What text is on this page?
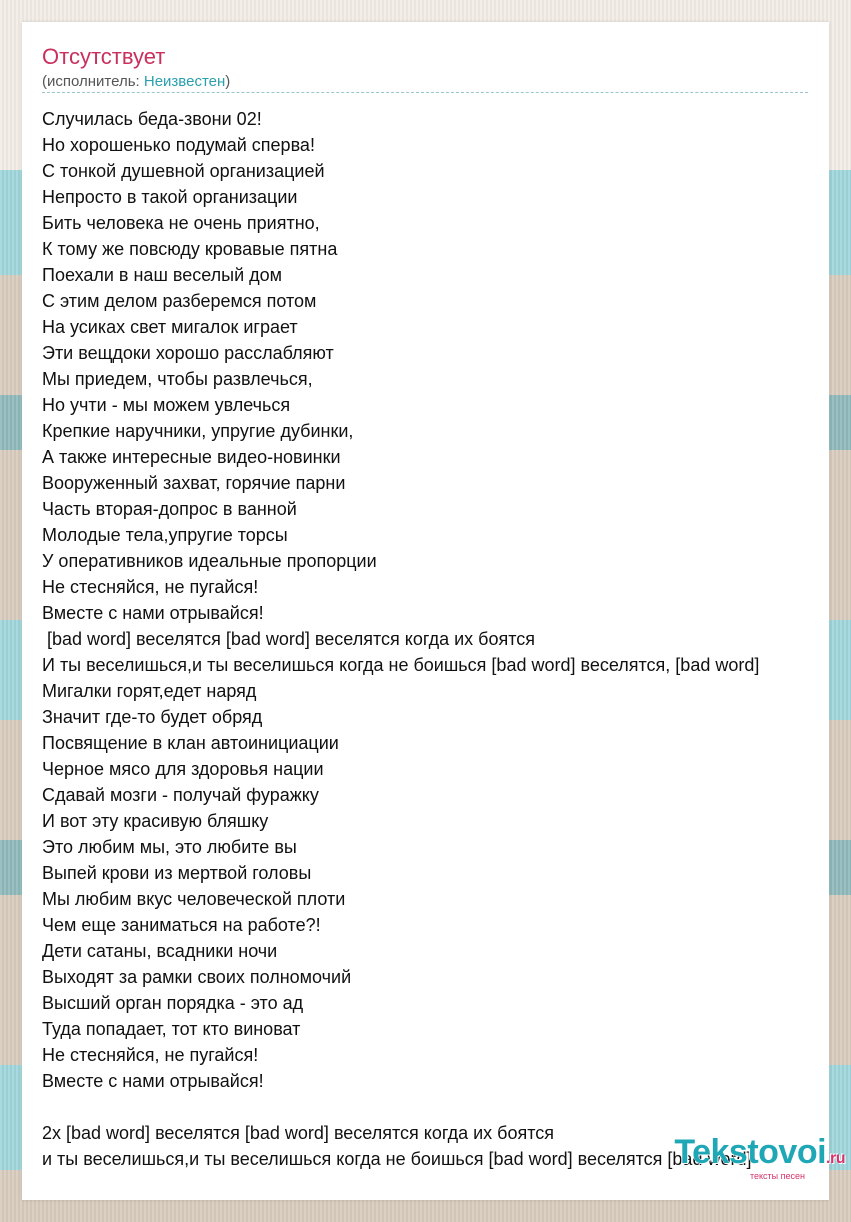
Отсутствует
(исполнитель: Неизвестен)
Случилась беда-звони 02!
Но хорошенько подумай сперва!
С тонкой душевной организацией
Непросто в такой организации
Бить человека не очень приятно,
К тому же повсюду кровавые пятна
Поехали в наш веселый дом
С этим делом разберемся потом
На усиках свет мигалок играет
Эти вещдоки хорошо расслабляют
Мы приедем, чтобы развлечься,
Но учти - мы можем увлечься
Крепкие наручники, упругие дубинки,
А также интересные видео-новинки
Вооруженный захват, горячие парни
Часть вторая-допрос в ванной
Молодые тела,упругие торсы
У оперативников идеальные пропорции
Не стесняйся, не пугайся!
Вместе с нами отрывайся!
[bad word] веселятся [bad word] веселятся когда их боятся
И ты веселишься,и ты веселишься когда не боишься [bad word] веселятся, [bad word]
Мигалки горят,едет наряд
Значит где-то будет обряд
Посвящение в клан автоинициации
Черное мясо для здоровья нации
Сдавай мозги - получай фуражку
И вот эту красивую бляшку
Это любим мы, это любите вы
Выпей крови из мертвой головы
Мы любим вкус человеческой плоти
Чем еще заниматься на работе?!
Дети сатаны, всадники ночи
Выходят за рамки своих полномочий
Высший орган порядка - это ад
Туда попадает, тот кто виноват
Не стесняйся, не пугайся!
Вместе с нами отрывайся!
2x [bad word] веселятся [bad word] веселятся когда их боятся
и ты веселишься,и ты веселишься когда не боишься [bad word] веселятся [bad word]
Tekstovoi.ru
тексты песен
